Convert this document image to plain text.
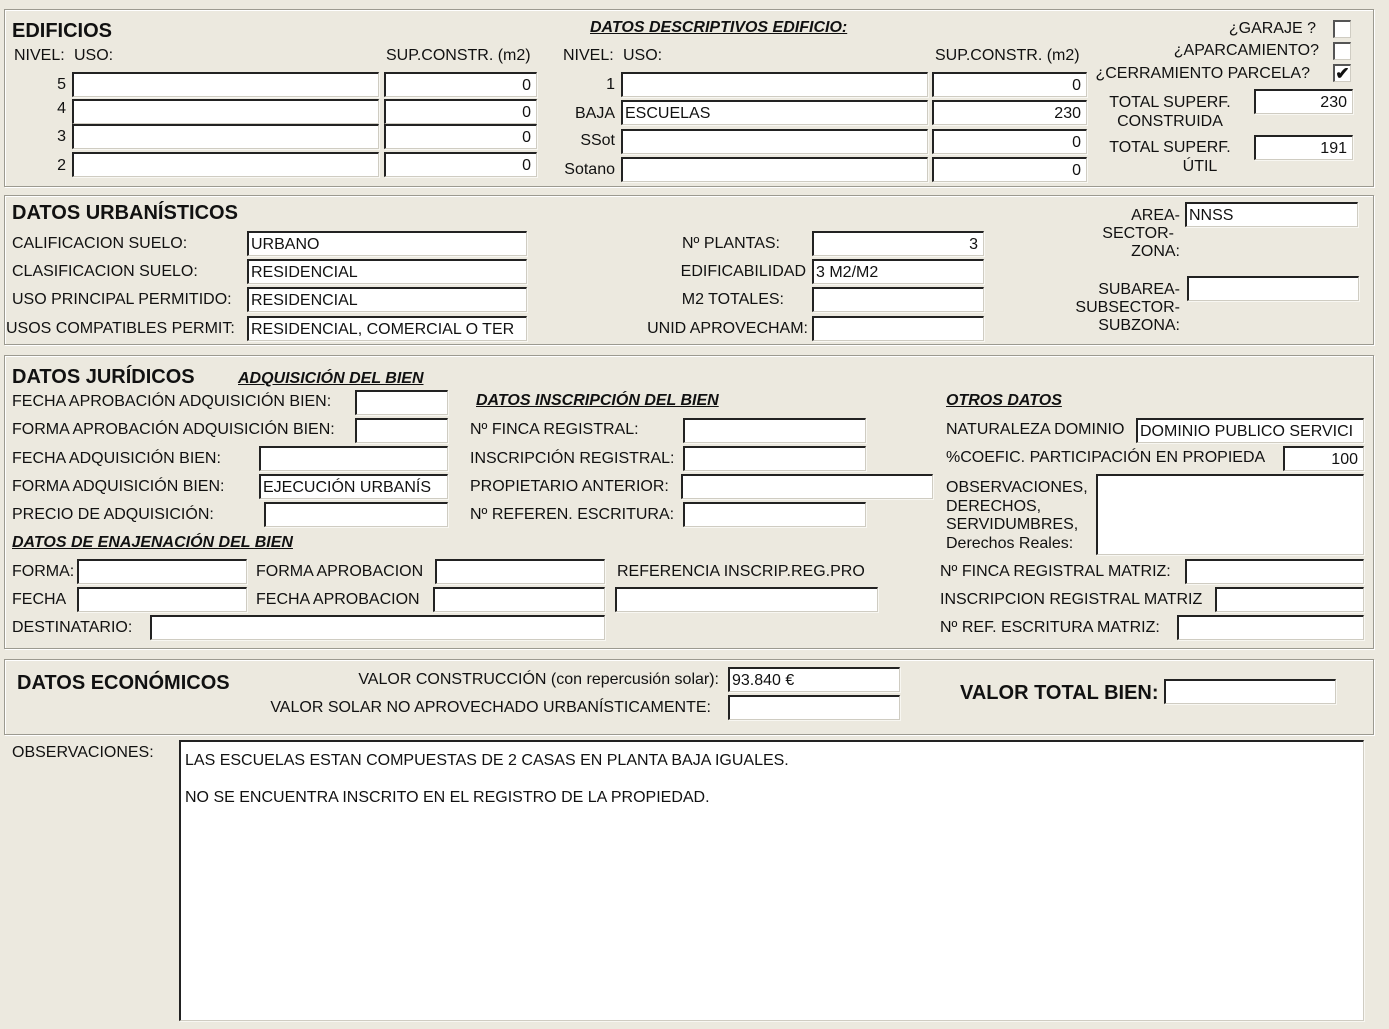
EDIFICIOS	DATOS DESCRIPTIVOS EDIFICIO:
NIVEL: USO:	SUP.CONSTR. (m2) NIVEL: USO:	SUP.CONSTR. (m2)
5	0
4	0
3	0
2	0
1	0
BAJA ESCUELAS	230
SSot	0
Sotano	0
¿GARAJE ?
¿APARCAMIENTO?
¿CERRAMIENTO PARCELA? ✔
TOTAL SUPERF.
CONSTRUIDA
230
TOTAL SUPERF.
ÚTIL
191
DATOS URBANÍSTICOS
CALIFICACION SUELO:	URBANO
CLASIFICACION SUELO:	RESIDENCIAL
USO PRINCIPAL PERMITIDO: RESIDENCIAL
USOS COMPATIBLES PERMIT: RESIDENCIAL, COMERCIAL O TER
Nº PLANTAS:	3
EDIFICABILIDAD 3 M2/M2
M2 TOTALES:
UNID APROVECHAM:
AREA-
SECTOR-
ZONA:
NNSS
SUBAREA-
SUBSECTOR-
SUBZONA:
DATOS JURÍDICOS	ADQUISICIÓN DEL BIEN
FECHA APROBACIÓN ADQUISICIÓN BIEN:
FORMA APROBACIÓN ADQUISICIÓN BIEN:
FECHA ADQUISICIÓN BIEN:
FORMA ADQUISICIÓN BIEN: EJECUCIÓN URBANÍS
PRECIO DE ADQUISICIÓN:
DATOS INSCRIPCIÓN DEL BIEN
Nº FINCA REGISTRAL:
INSCRIPCIÓN REGISTRAL:
PROPIETARIO ANTERIOR:
Nº REFEREN. ESCRITURA:
OTROS DATOS
NATURALEZA DOMINIO DOMINIO PUBLICO SERVICI
%COEFIC. PARTICIPACIÓN EN PROPIEDA	100
OBSERVACIONES,
DERECHOS,
SERVIDUMBRES,
Derechos Reales:
DATOS DE ENAJENACIÓN DEL BIEN
FORMA:	FORMA APROBACION
FECHA	FECHA APROBACION
REFERENCIA INSCRIP.REG.PRO
DESTINATARIO:
Nº FINCA REGISTRAL MATRIZ:
INSCRIPCION REGISTRAL MATRIZ
Nº REF. ESCRITURA MATRIZ:
DATOS ECONÓMICOS	VALOR CONSTRUCCIÓN (con repercusión solar): 93.840 €
VALOR SOLAR NO APROVECHADO URBANÍSTICAMENTE:
VALOR TOTAL BIEN:
OBSERVACIONES:	LAS ESCUELAS ESTAN COMPUESTAS DE 2 CASAS EN PLANTA BAJA IGUALES.
NO SE ENCUENTRA INSCRITO EN EL REGISTRO DE LA PROPIEDAD.
